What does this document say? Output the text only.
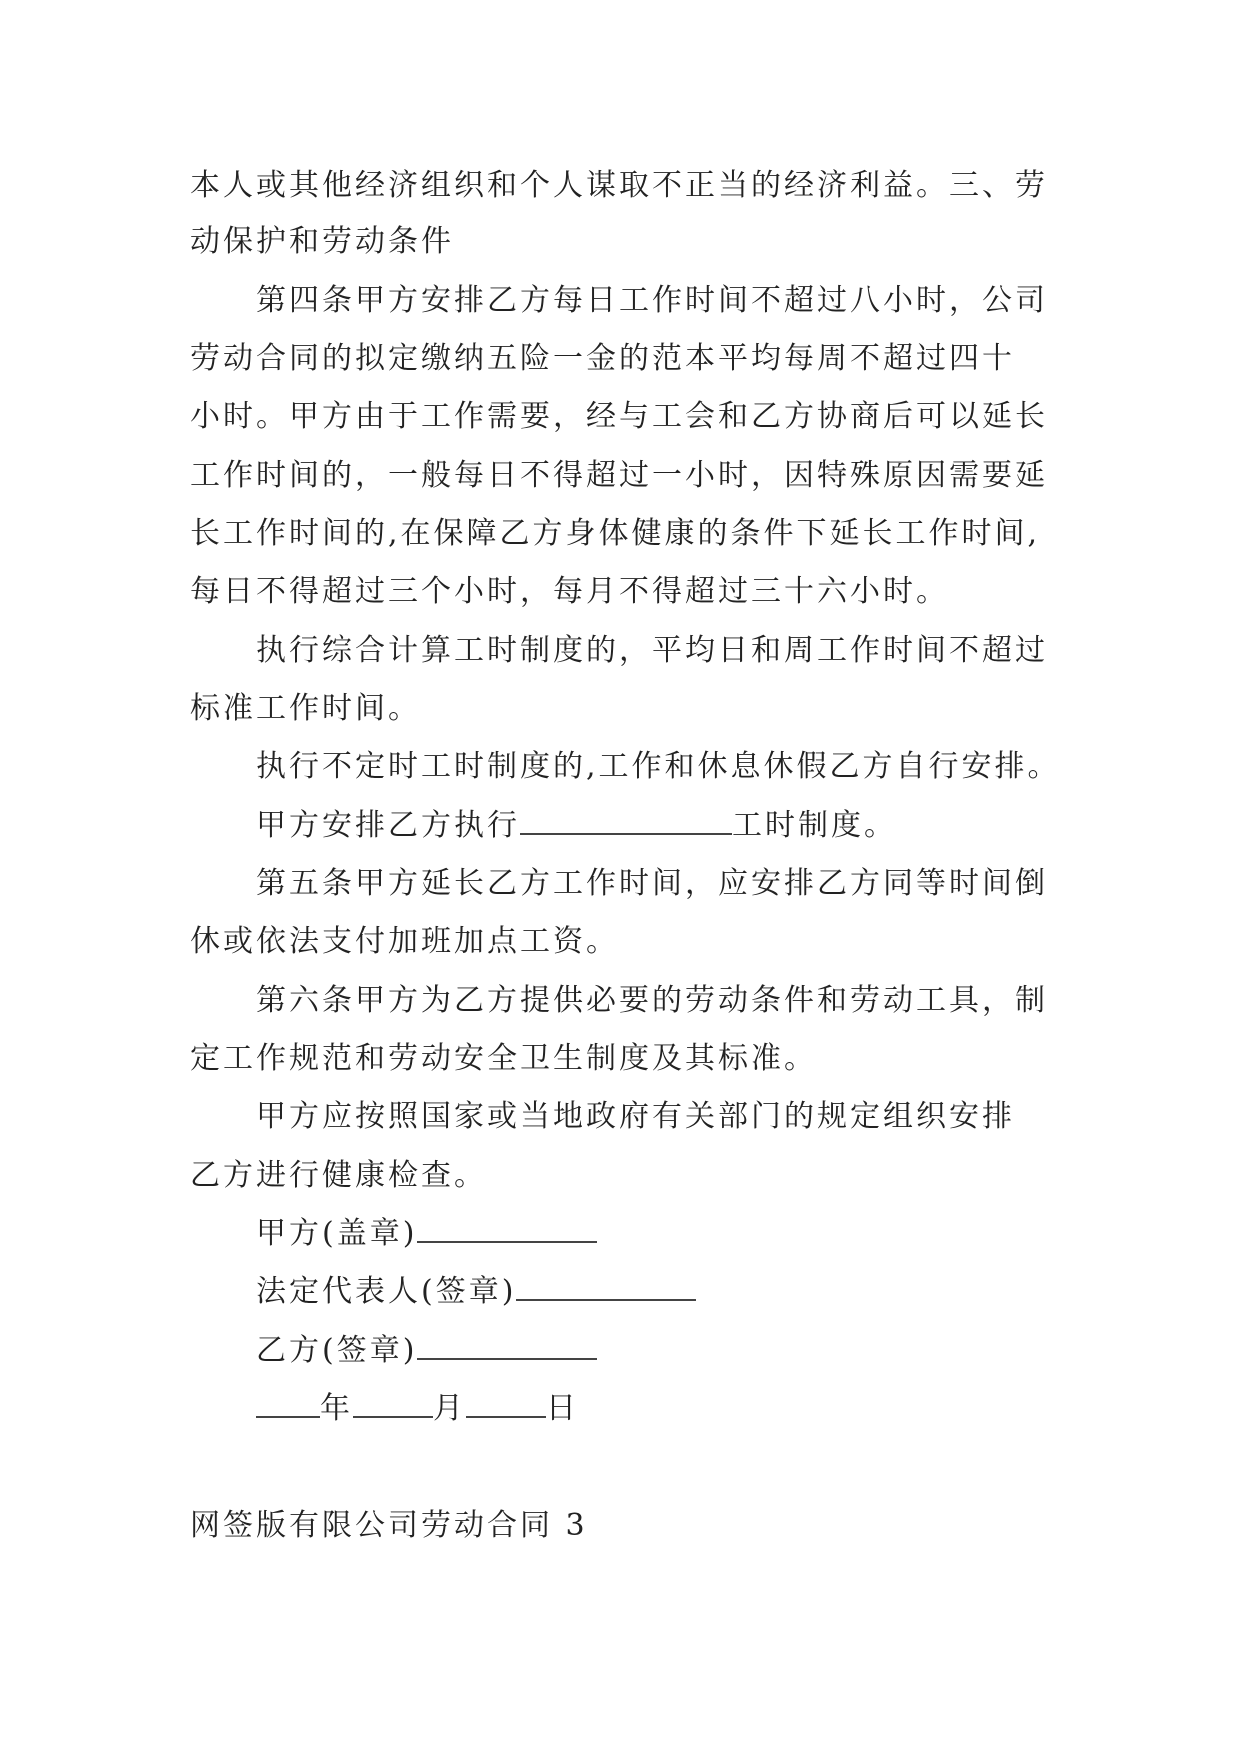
本人或其他经济组织和个人谋取不正当的经济利益。三、劳
动保护和劳动条件
第四条甲方安排乙方每日工作时间不超过八小时，公司
劳动合同的拟定缴纳五险一金的范本平均每周不超过四十
小时。甲方由于工作需要，经与工会和乙方协商后可以延长
工作时间的，一般每日不得超过一小时，因特殊原因需要延
长工作时间的,在保障乙方身体健康的条件下延长工作时间,
每日不得超过三个小时，每月不得超过三十六小时。
执行综合计算工时制度的，平均日和周工作时间不超过
标准工作时间。
执行不定时工时制度的,工作和休息休假乙方自行安排。
甲方安排乙方执行	工时制度。
第五条甲方延长乙方工作时间，应安排乙方同等时间倒
休或依法支付加班加点工资。
第六条甲方为乙方提供必要的劳动条件和劳动工具，制
定工作规范和劳动安全卫生制度及其标准。
甲方应按照国家或当地政府有关部门的规定组织安排
乙方进行健康检查。
甲方(盖章)
法定代表人(签章)
乙方(签章)
年	月	日
网签版有限公司劳动合同 3
